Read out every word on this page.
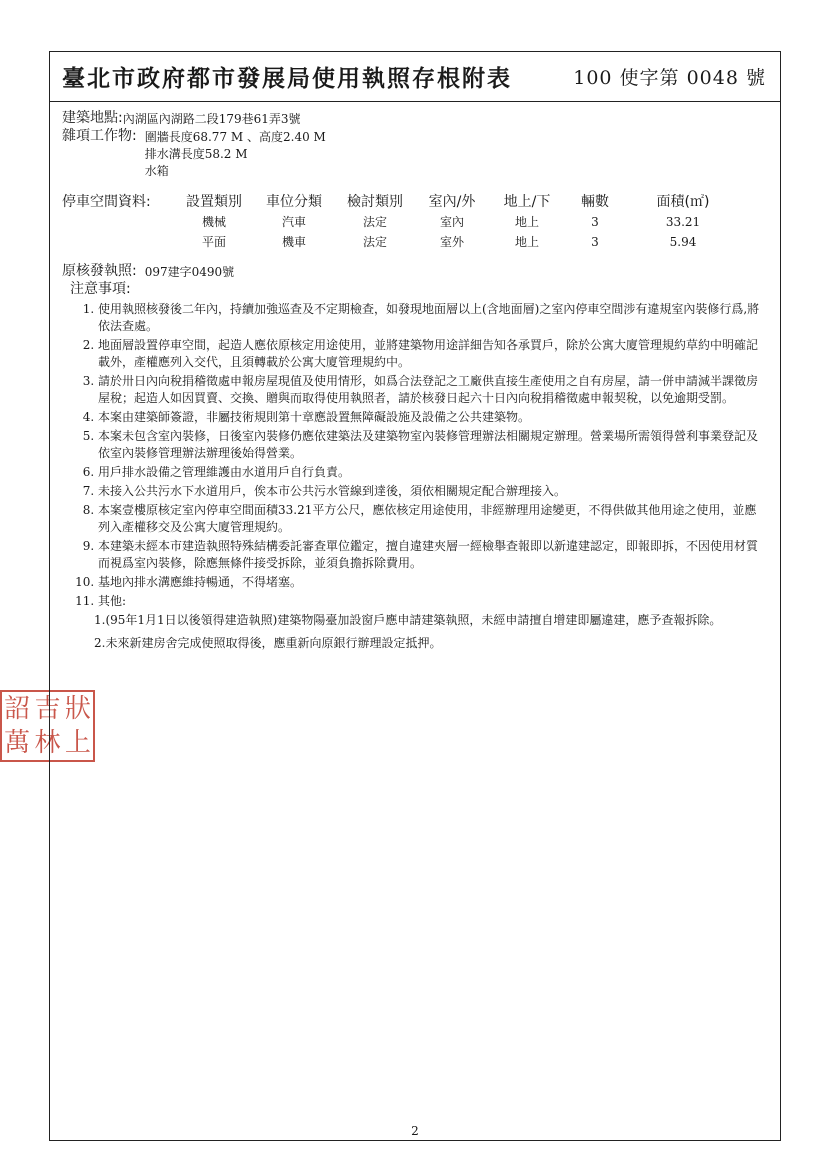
詔 吉 狀
萬 林 上
臺北市政府都市發展局使用執照存根附表	100 使字第 0048 號
建築地點: 內湖區內湖路二段179巷61弄3號
雜項工作物: 圍牆長度68.77 M 、高度2.40 M
排水溝長度58.2 M
水箱
停車空間資料:	設置類別	車位分類	檢討類別	室內/外	地上/下	輛數	面積(㎡)
機械	汽車	法定	室內	地上	3	33.21
平面	機車	法定	室外	地上	3	5.94
原核發執照: 097建字0490號
注意事項:
1. 使用執照核發後二年內，持續加強巡查及不定期檢查，如發現地面層以上(含地面層)之室內停車空間涉有違規室內裝修行爲,將依法查處。
2. 地面層設置停車空間，起造人應依原核定用途使用，並將建築物用途詳細告知各承買戶，除於公寓大廈管理規約草約中明確記載外，產權應列入交代，且須轉載於公寓大廈管理規約中。
3. 請於卅日內向稅捐稽徵處申報房屋現值及使用情形，如爲合法登記之工廠供直接生產使用之自有房屋，請一併申請減半課徵房屋稅；起造人如因買賣、交換、贈與而取得使用執照者，請於核發日起六十日內向稅捐稽徵處申報契稅，以免逾期受罰。
4. 本案由建築師簽證，非屬技術規則第十章應設置無障礙設施及設備之公共建築物。
5. 本案未包含室內裝修，日後室內裝修仍應依建築法及建築物室內裝修管理辦法相關規定辦理。營業場所需領得營利事業登記及依室內裝修管理辦法辦理後始得營業。
6. 用戶排水設備之管理維護由水道用戶自行負責。
7. 未接入公共污水下水道用戶，俟本市公共污水管線到達後，須依相關規定配合辦理接入。
8. 本案壹樓原核定室內停車空間面積33.21平方公尺，應依核定用途使用，非經辦理用途變更，不得供做其他用途之使用，並應列入產權移交及公寓大廈管理規約。
9. 本建築未經本市建造執照特殊結構委託審查單位鑑定，擅自違建夾層一經檢舉查報即以新違建認定，即報即拆，不因使用材質而視爲室內裝修，除應無條件接受拆除，並須負擔拆除費用。
10. 基地內排水溝應維持暢通，不得堵塞。
11. 其他:
1.(95年1月1日以後領得建造執照)建築物陽臺加設窗戶應申請建築執照，未經申請擅自增建即屬違建，應予查報拆除。
2.未來新建房舍完成使照取得後，應重新向原銀行辦理設定抵押。
2
